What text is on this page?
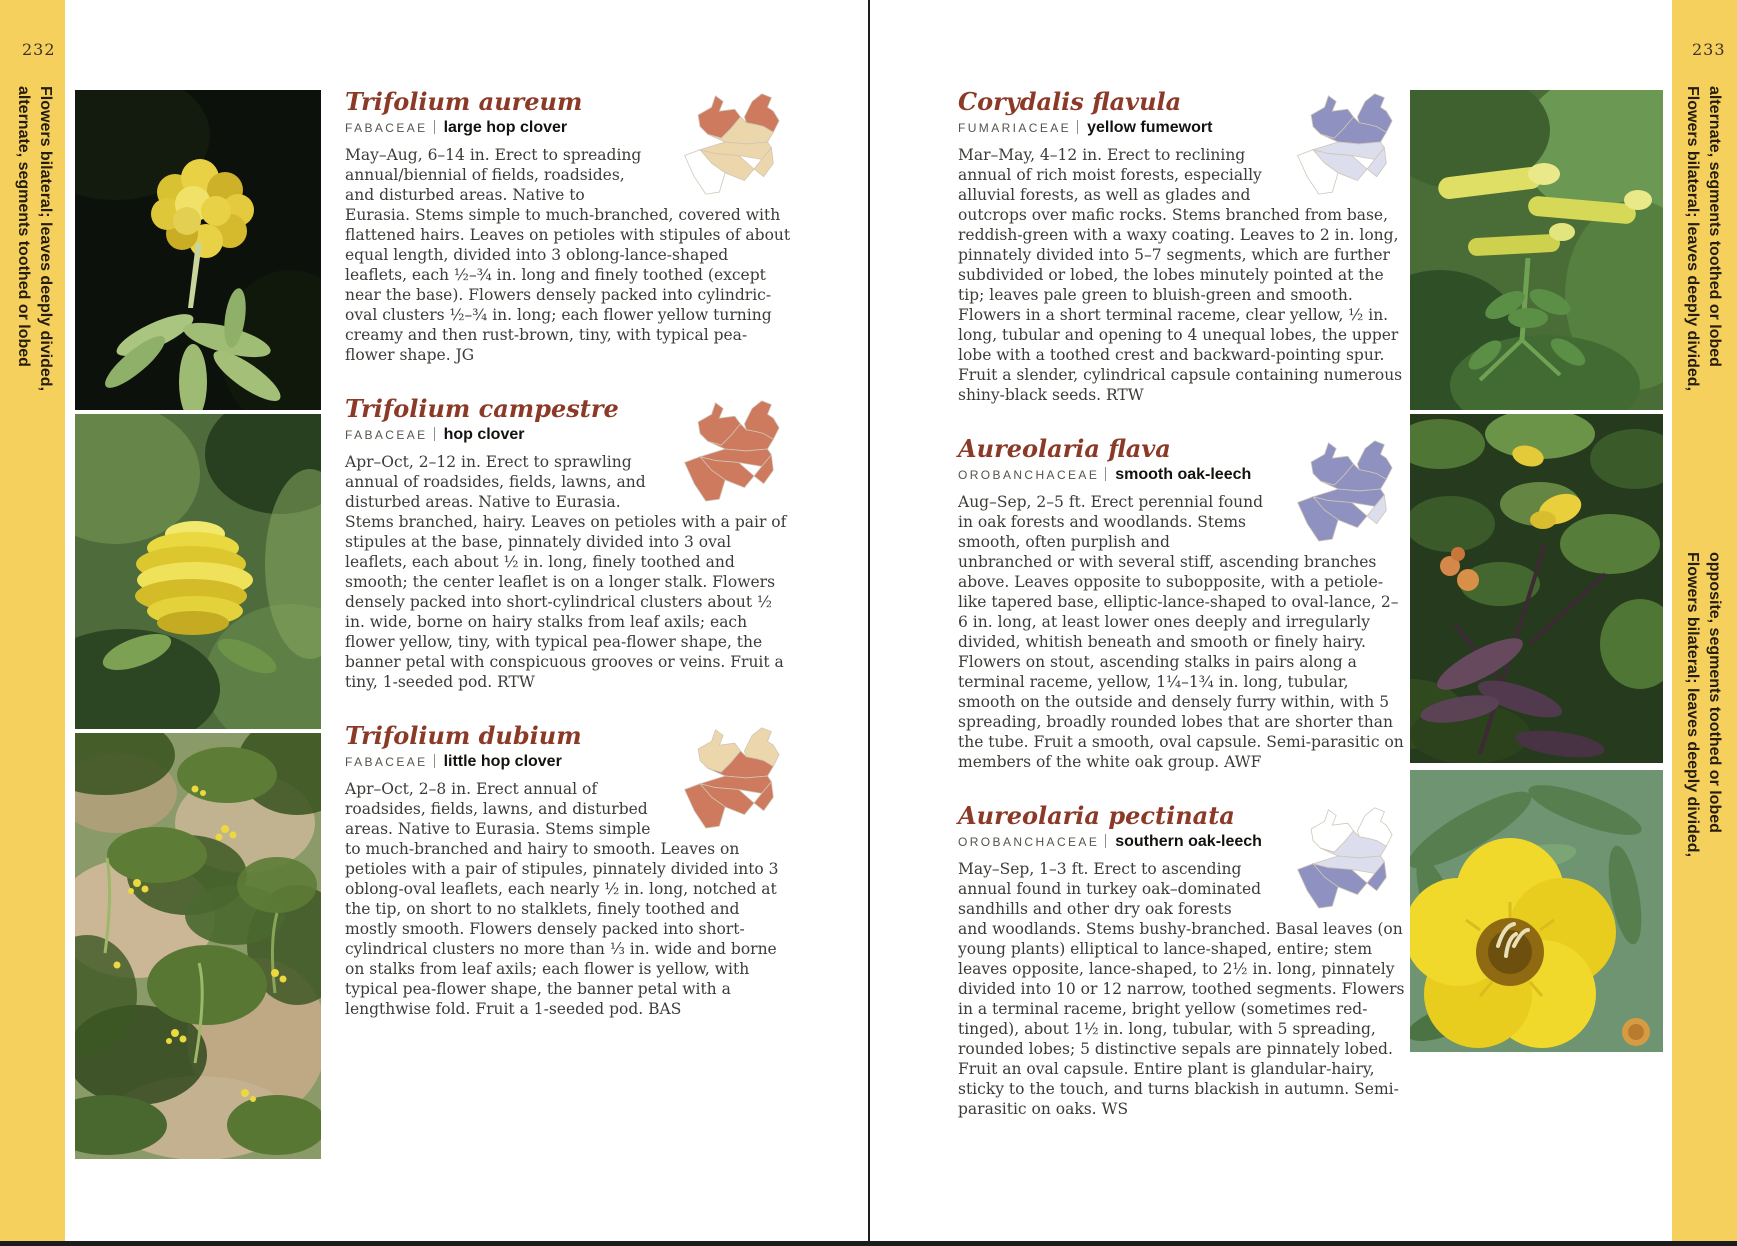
232
Flowers bilateral; leaves deeply divided,
alternate, segments toothed or lobed
233
Flowers bilateral; leaves deeply divided, alternate, segments toothed or lobed
Flowers bilateral; leaves deeply divided, opposite, segments toothed or lobed
Trifolium aureum

FABACEAE large hop clover

May–Aug, 6–14 in. Erect to spreading annual/biennial of fields, roadsides, and disturbed areas. Native to Eurasia. Stems simple to much-branched, covered with flattened hairs. Leaves on petioles with stipules of about equal length, divided into 3 oblong-lance-shaped leaflets, each ½–¾ in. long and finely toothed (except near the base). Flowers densely packed into cylindric-oval clusters ½–¾ in. long; each flower yellow turning creamy and then rust-brown, tiny, with typical pea-flower shape. JG

Trifolium campestre

FABACEAE hop clover

Apr–Oct, 2–12 in. Erect to sprawling annual of roadsides, fields, lawns, and disturbed areas. Native to Eurasia. Stems branched, hairy. Leaves on petioles with a pair of stipules at the base, pinnately divided into 3 oval leaflets, each about ½ in. long, finely toothed and smooth; the center leaflet is on a longer stalk. Flowers densely packed into short-cylindrical clusters about ½ in. wide, borne on hairy stalks from leaf axils; each flower yellow, tiny, with typical pea-flower shape, the banner petal with conspicuous grooves or veins. Fruit a tiny, 1-seeded pod. RTW

Trifolium dubium

FABACEAE little hop clover

Apr–Oct, 2–8 in. Erect annual of roadsides, fields, lawns, and disturbed areas. Native to Eurasia. Stems simple to much-branched and hairy to smooth. Leaves on petioles with a pair of stipules, pinnately divided into 3 oblong-oval leaflets, each nearly ½ in. long, notched at the tip, on short to no stalklets, finely toothed and mostly smooth. Flowers densely packed into short-cylindrical clusters no more than ⅓ in. wide and borne on stalks from leaf axils; each flower is yellow, with typical pea-flower shape, the banner petal with a lengthwise fold. Fruit a 1-seeded pod. BAS

Corydalis flavula

FUMARIACEAE yellow fumewort

Mar–May, 4–12 in. Erect to reclining annual of rich moist forests, especially alluvial forests, as well as glades and outcrops over mafic rocks. Stems branched from base, reddish-green with a waxy coating. Leaves to 2 in. long, pinnately divided into 5–7 segments, which are further subdivided or lobed, the lobes minutely pointed at the tip; leaves pale green to bluish-green and smooth. Flowers in a short terminal raceme, clear yellow, ½ in. long, tubular and opening to 4 unequal lobes, the upper lobe with a toothed crest and backward-pointing spur. Fruit a slender, cylindrical capsule containing numerous shiny-black seeds. RTW

Aureolaria flava

OROBANCHACEAE smooth oak-leech

Aug–Sep, 2–5 ft. Erect perennial found in oak forests and woodlands. Stems smooth, often purplish and unbranched or with several stiff, ascending branches above. Leaves opposite to subopposite, with a petiole-like tapered base, elliptic-lance-shaped to oval-lance, 2–6 in. long, at least lower ones deeply and irregularly divided, whitish beneath and smooth or finely hairy. Flowers on stout, ascending stalks in pairs along a terminal raceme, yellow, 1¼–1¾ in. long, tubular, smooth on the outside and densely furry within, with 5 spreading, broadly rounded lobes that are shorter than the tube. Fruit a smooth, oval capsule. Semi-parasitic on members of the white oak group. AWF

Aureolaria pectinata

OROBANCHACEAE southern oak-leech

May–Sep, 1–3 ft. Erect to ascending annual found in turkey oak–dominated sandhills and other dry oak forests and woodlands. Stems bushy-branched. Basal leaves (on young plants) elliptical to lance-shaped, entire; stem leaves opposite, lance-shaped, to 2½ in. long, pinnately divided into 10 or 12 narrow, toothed segments. Flowers in a terminal raceme, bright yellow (sometimes red-tinged), about 1½ in. long, tubular, with 5 spreading, rounded lobes; 5 distinctive sepals are pinnately lobed. Fruit an oval capsule. Entire plant is glandular-hairy, sticky to the touch, and turns blackish in autumn. Semi-parasitic on oaks. WS
